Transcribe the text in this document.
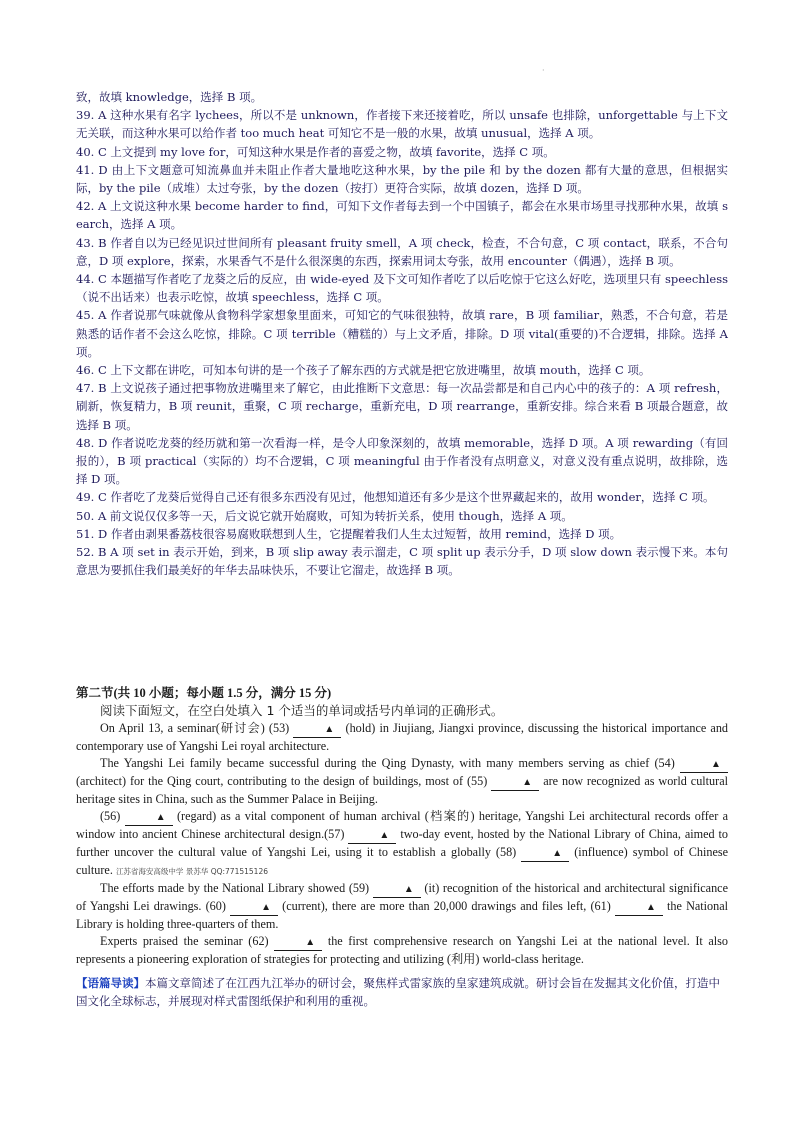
·

致，故填 knowledge，选择 B 项。

39. A 这种水果有名字 lychees，所以不是 unknown，作者接下来还接着吃，所以 unsafe 也排除，unforgettable 与上下文无关联，而这种水果可以给作者 too much heat 可知它不是一般的水果，故填 unusual，选择 A 项。

40. C 上文提到 my love for，可知这种水果是作者的喜爱之物，故填 favorite，选择 C 项。

41. D 由上下文题意可知流鼻血并未阻止作者大量地吃这种水果，by the pile 和 by the dozen 都有大量的意思，但根据实际，by the pile（成堆）太过夸张，by the dozen（按打）更符合实际，故填 dozen，选择 D 项。

42. A 上文说这种水果 become harder to find，可知下文作者每去到一个中国镇子，都会在水果市场里寻找那种水果，故填 search，选择 A 项。

43. B 作者自以为已经见识过世间所有 pleasant fruity smell，A 项 check，检查，不合句意，C 项 contact，联系，不合句意，D 项 explore，探索，水果香气不是什么很深奥的东西，探索用词太夸张，故用 encounter（偶遇），选择 B 项。

44. C 本题描写作者吃了龙葵之后的反应，由 wide-eyed 及下文可知作者吃了以后吃惊于它这么好吃，选项里只有 speechless（说不出话来）也表示吃惊，故填 speechless，选择 C 项。

45. A 作者说那气味就像从食物科学家想象里面来，可知它的气味很独特，故填 rare，B 项 familiar，熟悉，不合句意，若是熟悉的话作者不会这么吃惊，排除。C 项 terrible（糟糕的）与上文矛盾，排除。D 项 vital(重要的)不合逻辑，排除。选择 A 项。

46. C 上下文都在讲吃，可知本句讲的是一个孩子了解东西的方式就是把它放进嘴里，故填 mouth，选择 C 项。

47. B 上文说孩子通过把事物放进嘴里来了解它，由此推断下文意思：每一次品尝都是和自己内心中的孩子的：A 项 refresh，刷新，恢复精力，B 项 reunit，重聚，C 项 recharge，重新充电，D 项 rearrange，重新安排。综合来看 B 项最合题意，故选择 B 项。

48. D 作者说吃龙葵的经历就和第一次看海一样，是令人印象深刻的，故填 memorable，选择 D 项。A 项 rewarding（有回报的），B 项 practical（实际的）均不合逻辑，C 项 meaningful 由于作者没有点明意义，对意义没有重点说明，故排除，选择 D 项。

49. C 作者吃了龙葵后觉得自己还有很多东西没有见过，他想知道还有多少是这个世界藏起来的，故用 wonder，选择 C 项。

50. A 前文说仅仅多等一天，后文说它就开始腐败，可知为转折关系，使用 though，选择 A 项。

51. D 作者由剥果番荔枝很容易腐败联想到人生，它提醒着我们人生太过短暂，故用 remind，选择 D 项。

52. B A 项 set in 表示开始，到来，B 项 slip away 表示溜走，C 项 split up 表示分手，D 项 slow down 表示慢下来。本句意思为要抓住我们最美好的年华去品味快乐，不要让它溜走，故选择 B 项。

第二节(共 10 小题；每小题 1.5 分，满分 15 分)

阅读下面短文，在空白处填入 1 个适当的单词或括号内单词的正确形式。

On April 13, a seminar(研讨会) (53)	▲ (hold) in Jiujiang, Jiangxi province, discussing the historical importance and contemporary use of Yangshi Lei royal architecture.

The Yangshi Lei family became successful during the Qing Dynasty, with many members serving as chief (54)	▲ (architect) for the Qing court, contributing to the design of buildings, most of (55)	▲ are now recognized as world cultural heritage sites in China, such as the Summer Palace in Beijing.

(56)	▲ (regard) as a vital component of human archival (档案的) heritage, Yangshi Lei architectural records offer a window into ancient Chinese architectural design.(57)	▲ two-day event, hosted by the National Library of China, aimed to further uncover the cultural value of Yangshi Lei, using it to establish a globally (58)	▲ (influence) symbol of Chinese culture. 江苏省海安高级中学 景苏华 QQ:771515126

The efforts made by the National Library showed (59)	▲ (it) recognition of the historical and architectural significance of Yangshi Lei drawings. (60)	▲ (current), there are more than 20,000 drawings and files left, (61)	▲ the National Library is holding three-quarters of them.

Experts praised the seminar (62)	▲ the first comprehensive research on Yangshi Lei at the national level. It also represents a pioneering exploration of strategies for protecting and utilizing (利用) world-class heritage.

【语篇导读】本篇文章简述了在江西九江举办的研讨会，聚焦样式雷家族的皇家建筑成就。研讨会旨在发掘其文化价值，打造中国文化全球标志，并展现对样式雷图纸保护和利用的重视。
